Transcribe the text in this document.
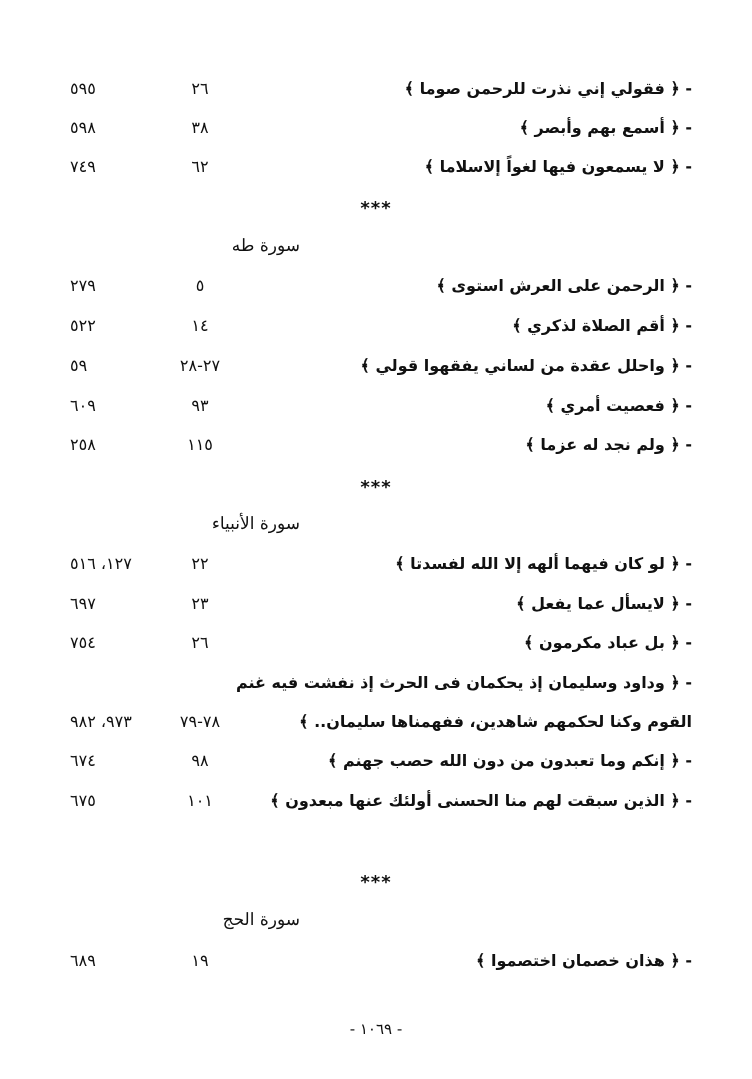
- ﴿ فقولي إني نذرت للرحمن صوما ﴾
٢٦
٥٩٥
- ﴿ أسمع بهم وأبصر ﴾
٣٨
٥٩٨
- ﴿ لا يسمعون فيها لغواً إلاسلاما ﴾
٦٢
٧٤٩
***
سورة طه
- ﴿ الرحمن على العرش استوى ﴾
٥
٢٧٩
- ﴿ أقم الصلاة لذكري ﴾
١٤
٥٢٢
- ﴿ واحلل عقدة من لساني يفقهوا قولي ﴾
٢٧-٢٨
٥٩
- ﴿ فعصيت أمري ﴾
٩٣
٦٠٩
- ﴿ ولم نجد له عزما ﴾
١١٥
٢٥٨
***
سورة الأنبياء
- ﴿ لو كان فيهما ألهه إلا الله لفسدتا ﴾
٢٢
١٢٧، ٥١٦
- ﴿ لايسأل عما يفعل ﴾
٢٣
٦٩٧
- ﴿ بل عباد مكرمون ﴾
٢٦
٧٥٤
- ﴿ وداود وسليمان إذ يحكمان فى الحرث إذ نفشت فيه غنم
القوم وكنا لحكمهم شاهدين، ففهمناها سليمان.. ﴾
٧٨-٧٩
٩٧٣، ٩٨٢
- ﴿ إنكم وما تعبدون من دون الله حصب جهنم ﴾
٩٨
٦٧٤
- ﴿ الذين سبقت لهم منا الحسنى أولئك عنها مبعدون ﴾
١٠١
٦٧٥
***
سورة الحج
- ﴿ هذان خصمان اختصموا ﴾
١٩
٦٨٩
- ١٠٦٩ -
